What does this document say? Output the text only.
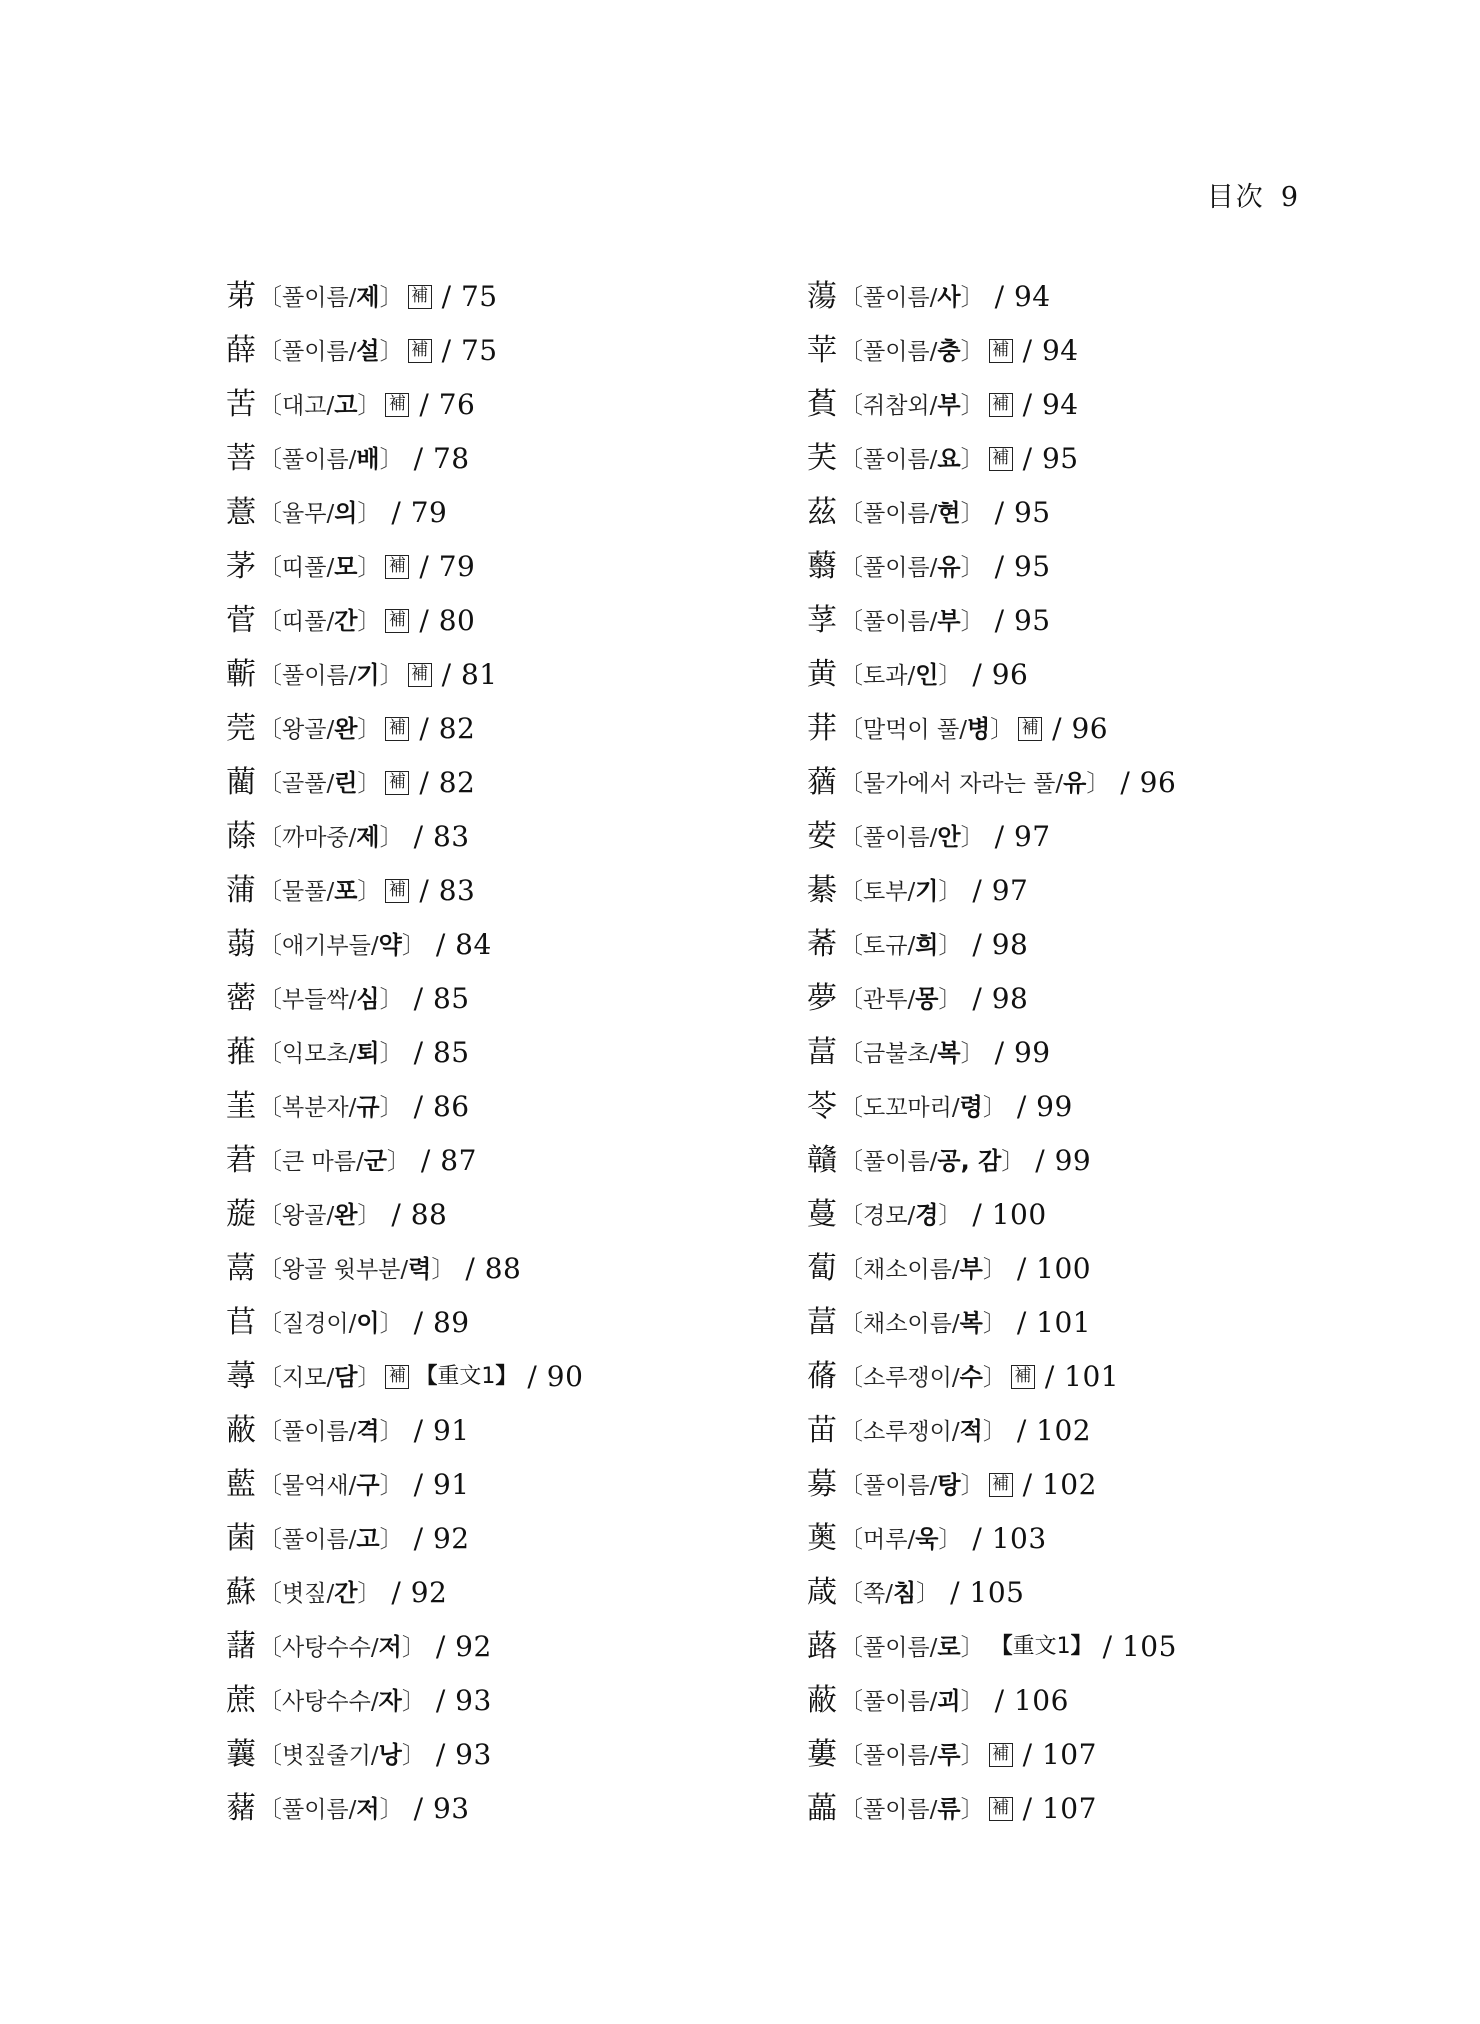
目次 9
苐 〔풀이름/제〕 補 / 75
薛 〔풀이름/설〕 補 / 75
苦 〔대고/고〕 補 / 76
菩 〔풀이름/배〕 / 78
薏 〔율무/의〕 / 79
茅 〔띠풀/모〕 補 / 79
菅 〔띠풀/간〕 補 / 80
蘄 〔풀이름/기〕 補 / 81
莞 〔왕골/완〕 補 / 82
藺 〔골풀/린〕 補 / 82
蒢 〔까마중/제〕 / 83
蒲 〔물풀/포〕 補 / 83
蒻 〔애기부들/약〕 / 84
蔤 〔부들싹/심〕 / 85
蓷 〔익모초/퇴〕 / 85
茥 〔복분자/규〕 / 86
莙 〔큰 마름/군〕 / 87
蔙 〔왕골/완〕 / 88
蒚 〔왕골 윗부분/력〕 / 88
苢 〔질경이/이〕 / 89
蕁 〔지모/담〕 補 【重文1】 / 90
蔽 〔풀이름/격〕 / 91
藍 〔물억새/구〕 / 91
菌 〔풀이름/고〕 / 92
蘇 〔볏짚/간〕 / 92
藷 〔사탕수수/저〕 / 92
蔗 〔사탕수수/자〕 / 93
蘘 〔볏짚줄기/낭〕 / 93
藸 〔풀이름/저〕 / 93
蕩 〔풀이름/사〕 / 94
苹 〔풀이름/충〕 補 / 94
萯 〔쥐참외/부〕 補 / 94
芺 〔풀이름/요〕 補 / 95
茲 〔풀이름/현〕 / 95
蘙 〔풀이름/유〕 / 95
莩 〔풀이름/부〕 / 95
黄 〔토과/인〕 / 96
荓 〔말먹이 풀/병〕 補 / 96
蕕 〔물가에서 자라는 풀/유〕 / 96
荌 〔풀이름/안〕 / 97
綦 〔토부/기〕 / 97
莃 〔토규/희〕 / 98
夢 〔관투/몽〕 / 98
葍 〔금불초/복〕 / 99
苓 〔도꼬마리/령〕 / 99
贛 〔풀이름/공, 감〕 / 99
蔓 〔경모/경〕 / 100
蔔 〔채소이름/부〕 / 100
葍 〔채소이름/복〕 / 101
蓨 〔소루쟁이/수〕 補 / 101
苗 〔소루쟁이/적〕 / 102
募 〔풀이름/탕〕 補 / 102
薁 〔머루/욱〕 / 103
葴 〔쪽/침〕 / 105
蕗 〔풀이름/로〕 【重文1】 / 105
蔽 〔풀이름/괴〕 / 106
蔞 〔풀이름/루〕 補 / 107
藟 〔풀이름/류〕 補 / 107
